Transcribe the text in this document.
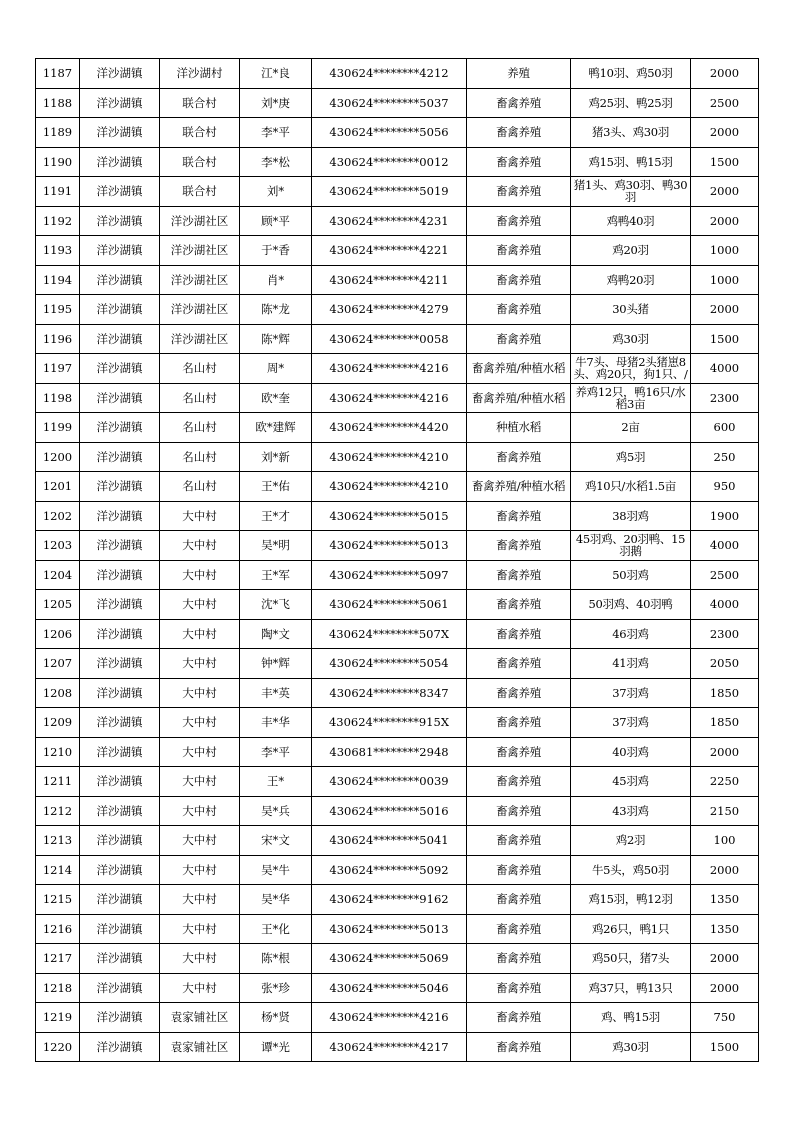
1187	洋沙湖镇	洋沙湖村	江*良	430624********4212	养殖	鸭10羽、鸡50羽	2000
1188	洋沙湖镇	联合村	刘*庚	430624********5037	畜禽养殖	鸡25羽、鸭25羽	2500
1189	洋沙湖镇	联合村	李*平	430624********5056	畜禽养殖	猪3头、鸡30羽	2000
1190	洋沙湖镇	联合村	李*松	430624********0012	畜禽养殖	鸡15羽、鸭15羽	1500
1191	洋沙湖镇	联合村	刘*	430624********5019	畜禽养殖	猪1头、鸡30羽、鸭30羽	2000
1192	洋沙湖镇	洋沙湖社区	顾*平	430624********4231	畜禽养殖	鸡鸭40羽	2000
1193	洋沙湖镇	洋沙湖社区	于*香	430624********4221	畜禽养殖	鸡20羽	1000
1194	洋沙湖镇	洋沙湖社区	肖*	430624********4211	畜禽养殖	鸡鸭20羽	1000
1195	洋沙湖镇	洋沙湖社区	陈*龙	430624********4279	畜禽养殖	30头猪	2000
1196	洋沙湖镇	洋沙湖社区	陈*辉	430624********0058	畜禽养殖	鸡30羽	1500
1197	洋沙湖镇	名山村	周*	430624********4216	畜禽养殖/种植水稻	牛7头、母猪2头猪崽8头、鸡20只，狗1只、/	4000
1198	洋沙湖镇	名山村	欧*奎	430624********4216	畜禽养殖/种植水稻	养鸡12只，鸭16只/水稻3亩	2300
1199	洋沙湖镇	名山村	欧*建辉	430624********4420	种植水稻	2亩	600
1200	洋沙湖镇	名山村	刘*新	430624********4210	畜禽养殖	鸡5羽	250
1201	洋沙湖镇	名山村	王*佑	430624********4210	畜禽养殖/种植水稻	鸡10只/水稻1.5亩	950
1202	洋沙湖镇	大中村	王*才	430624********5015	畜禽养殖	38羽鸡	1900
1203	洋沙湖镇	大中村	吴*明	430624********5013	畜禽养殖	45羽鸡、20羽鸭、15羽鹅	4000
1204	洋沙湖镇	大中村	王*军	430624********5097	畜禽养殖	50羽鸡	2500
1205	洋沙湖镇	大中村	沈*飞	430624********5061	畜禽养殖	50羽鸡、40羽鸭	4000
1206	洋沙湖镇	大中村	陶*文	430624********507X	畜禽养殖	46羽鸡	2300
1207	洋沙湖镇	大中村	钟*辉	430624********5054	畜禽养殖	41羽鸡	2050
1208	洋沙湖镇	大中村	丰*英	430624********8347	畜禽养殖	37羽鸡	1850
1209	洋沙湖镇	大中村	丰*华	430624********915X	畜禽养殖	37羽鸡	1850
1210	洋沙湖镇	大中村	李*平	430681********2948	畜禽养殖	40羽鸡	2000
1211	洋沙湖镇	大中村	王*	430624********0039	畜禽养殖	45羽鸡	2250
1212	洋沙湖镇	大中村	吴*兵	430624********5016	畜禽养殖	43羽鸡	2150
1213	洋沙湖镇	大中村	宋*文	430624********5041	畜禽养殖	鸡2羽	100
1214	洋沙湖镇	大中村	吴*牛	430624********5092	畜禽养殖	牛5头，鸡50羽	2000
1215	洋沙湖镇	大中村	吴*华	430624********9162	畜禽养殖	鸡15羽，鸭12羽	1350
1216	洋沙湖镇	大中村	王*化	430624********5013	畜禽养殖	鸡26只，鸭1只	1350
1217	洋沙湖镇	大中村	陈*根	430624********5069	畜禽养殖	鸡50只，猪7头	2000
1218	洋沙湖镇	大中村	张*珍	430624********5046	畜禽养殖	鸡37只，鸭13只	2000
1219	洋沙湖镇	袁家铺社区	杨*贤	430624********4216	畜禽养殖	鸡、鸭15羽	750
1220	洋沙湖镇	袁家铺社区	谭*光	430624********4217	畜禽养殖	鸡30羽	1500
